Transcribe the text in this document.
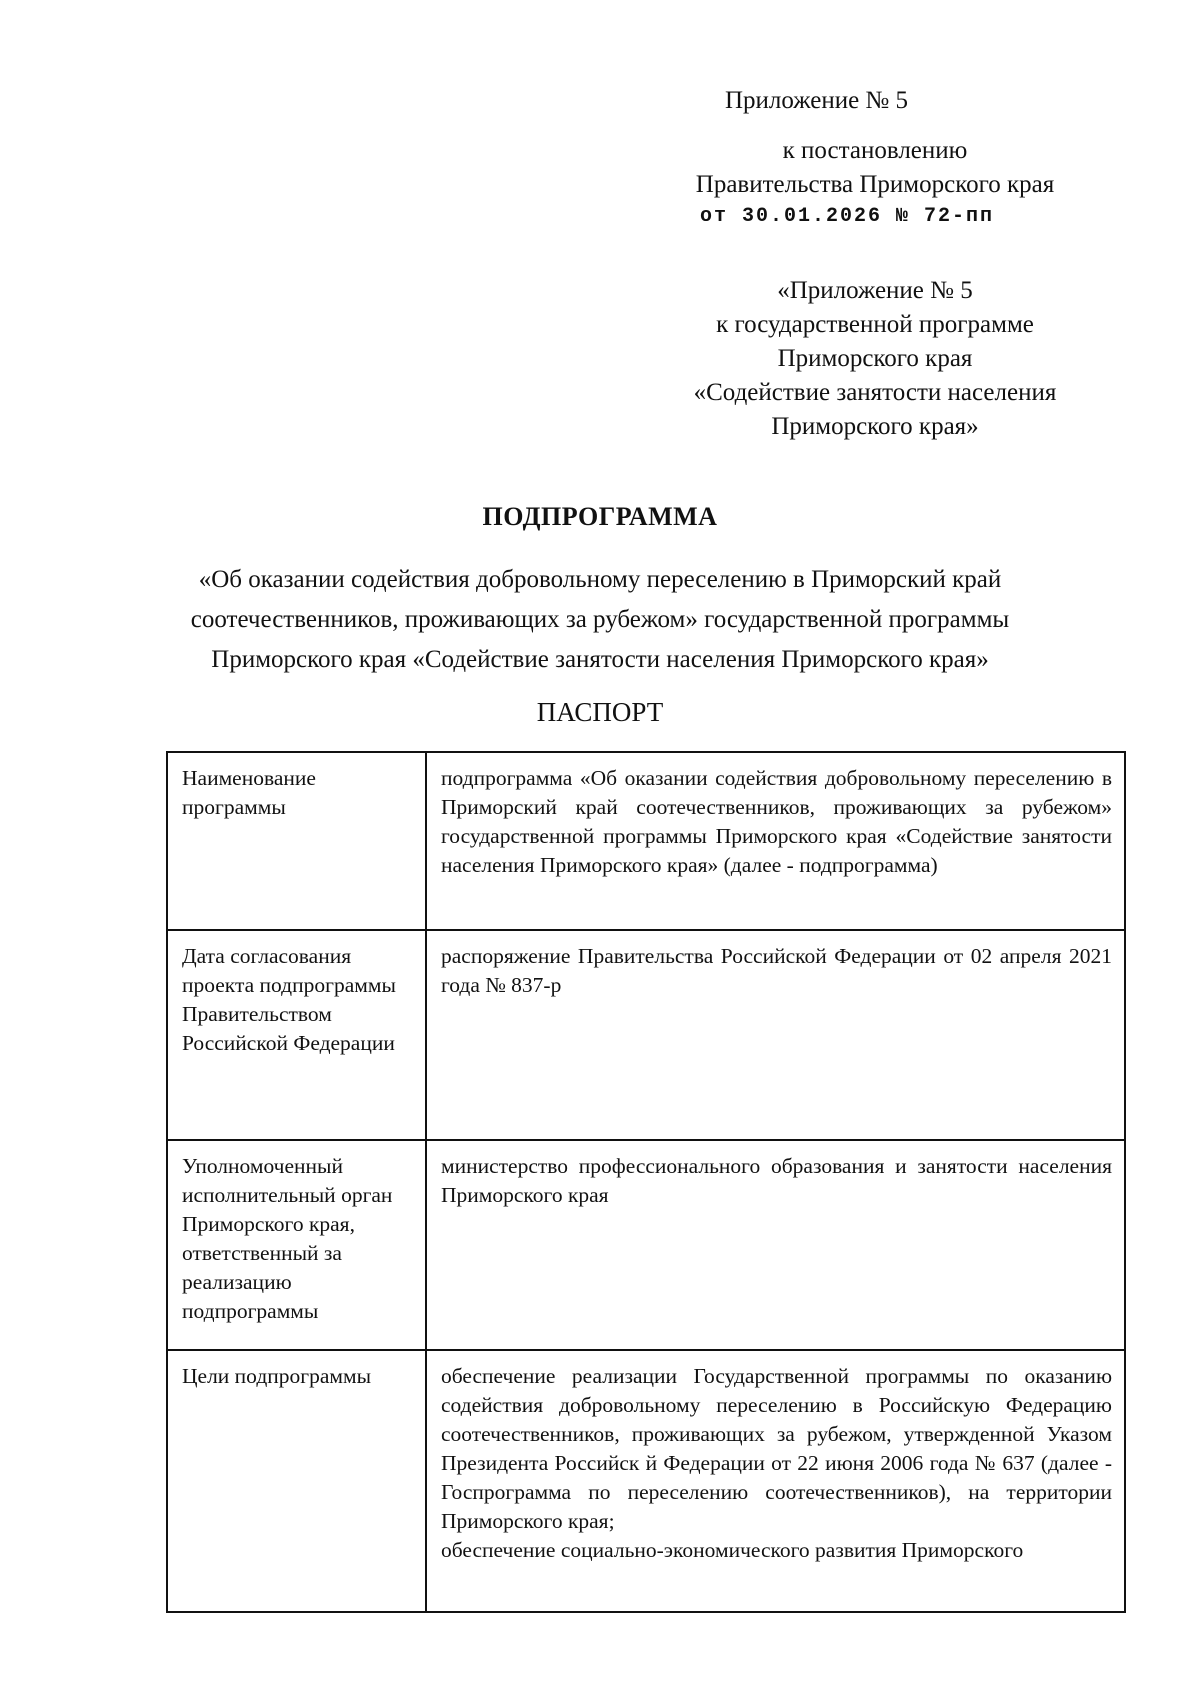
Приложение № 5
к постановлению
Правительства Приморского края
от 30.01.2026 № 72-пп
«Приложение № 5
к государственной программе
Приморского края
«Содействие занятости населения
Приморского края»
ПОДПРОГРАММА
«Об оказании содействия добровольному переселению в Приморский край
соотечественников, проживающих за рубежом» государственной программы
Приморского края «Содействие занятости населения Приморского края»
ПАСПОРТ
Наименование программы	подпрограмма «Об оказании содействия добровольному переселению в Приморский край соотечественников, проживающих за рубежом» государственной программы Приморского края «Содействие занятости населения Приморского края» (далее - подпрограмма)
Дата согласования проекта подпрограммы Правительством Российской Федерации	распоряжение Правительства Российской Федерации от 02 апреля 2021 года № 837-р
Уполномоченный исполнительный орган Приморского края, ответственный за реализацию подпрограммы	министерство профессионального образования и занятости населения Приморского края
Цели подпрограммы	обеспечение реализации Государственной программы по оказанию содействия добровольному переселению в Российскую Федерацию соотечественников, проживающих за рубежом, утвержденной Указом Президента Российск й Федерации от 22 июня 2006 года № 637 (далее - Госпрограмма по переселению соотечественников), на территории Приморского края;
обеспечение социально-экономического развития Приморского
